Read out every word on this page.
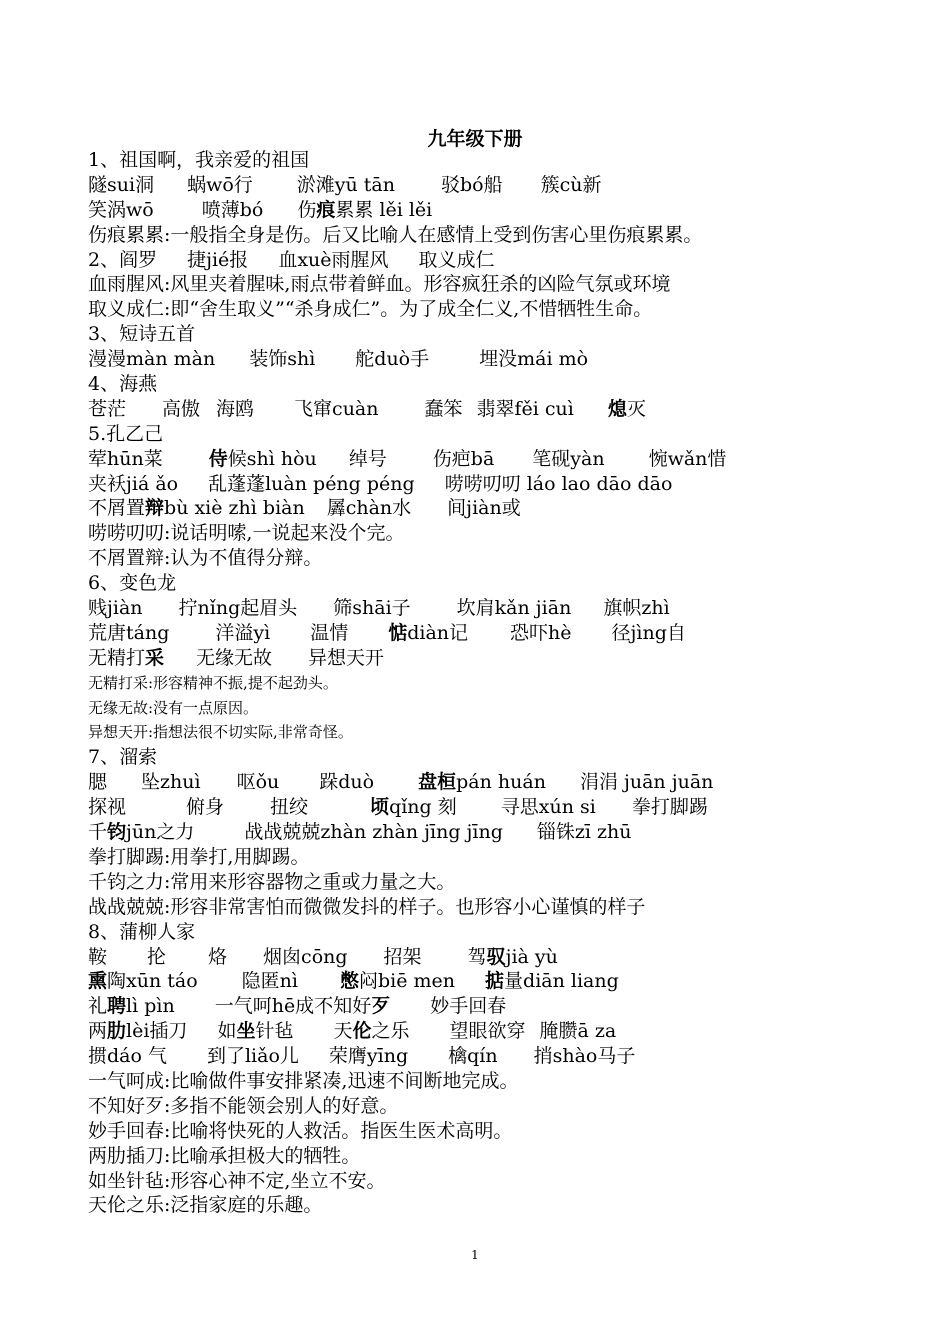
九年级下册
1、祖国啊，我亲爱的祖国
隧sui洞 蜗wō行 淤滩yū tān 驳bó船 簇cù新
笑涡wō	喷薄bó 伤痕累累 lěi lěi
伤痕累累:一般指全身是伤。后又比喻人在感情上受到伤害心里伤痕累累。
2、阎罗 捷jié报 血xuè雨腥风 取义成仁
血雨腥风:风里夹着腥味,雨点带着鲜血。形容疯狂杀的凶险气氛或环境
取义成仁:即“舍生取义”“杀身成仁”。为了成全仁义,不惜牺牲生命。
3、短诗五首
漫漫màn màn 装饰shì 舵duò手	埋没mái mò
4、海燕
苍茫 高傲 海鸥 飞窜cuàn 蠢笨 翡翠fěi cuì 熄灭
5.孔乙己
荤hūn菜 侍候shì hòu 绰号 伤疤bā 笔砚yàn 惋wǎn惜
夹袄jiá ǎo 乱蓬蓬luàn péng péng 唠唠叨叨 láo lao dāo dāo
不屑置辩bù xiè zhì biàn 羼chàn水 间jiàn或
唠唠叨叨:说话明嗦,一说起来没个完。
不屑置辩:认为不值得分辩。
6、变色龙
贱jiàn 拧nǐng起眉头 筛shāi子 坎肩kǎn jiān 旗帜zhì
荒唐táng 洋溢yì 温情 惦diàn记 恐吓hè 径jìng自
无精打采 无缘无故 异想天开
无精打采:形容精神不振,提不起劲头。
无缘无故:没有一点原因。
异想天开:指想法很不切实际,非常奇怪。
7、溜索
腮 坠zhuì 呕ǒu 跺duò 盘桓pán huán 涓涓 juān juān
探视	俯身 扭绞	顷qǐng 刻 寻思xún si 拳打脚踢
千钧jūn之力	战战兢兢zhàn zhàn jīng jīng 锱铢zī zhū
拳打脚踢:用拳打,用脚踢。
千钧之力:常用来形容器物之重或力量之大。
战战兢兢:形容非常害怕而微微发抖的样子。也形容小心谨慎的样子
8、蒲柳人家
鞍 抡 烙 烟囱cōng 招架 驾驭jià yù
熏陶xūn táo 隐匿nì 憋闷biē men 掂量diān liang
礼聘lì pìn 一气呵hē成不知好歹 妙手回春
两肋lèi插刀 如坐针毡 天伦之乐 望眼欲穿 腌臜ā za
掼dáo 气 到了liǎo儿 荣膺yīng 檎qín 捎shào马子
一气呵成:比喻做件事安排紧凑,迅速不间断地完成。
不知好歹:多指不能领会别人的好意。
妙手回春:比喻将快死的人救活。指医生医术高明。
两肋插刀:比喻承担极大的牺牲。
如坐针毡:形容心神不定,坐立不安。
天伦之乐:泛指家庭的乐趣。
1
